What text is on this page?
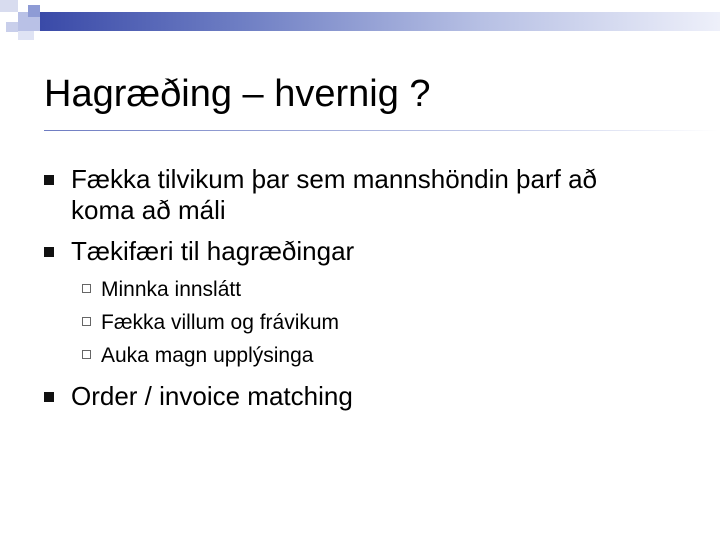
Hagræðing – hvernig ?
Fækka tilvikum þar sem mannshöndin þarf að koma að máli
Tækifæri til hagræðingar
Minnka innslátt
Fækka villum og frávikum
Auka magn upplýsinga
Order / invoice matching
